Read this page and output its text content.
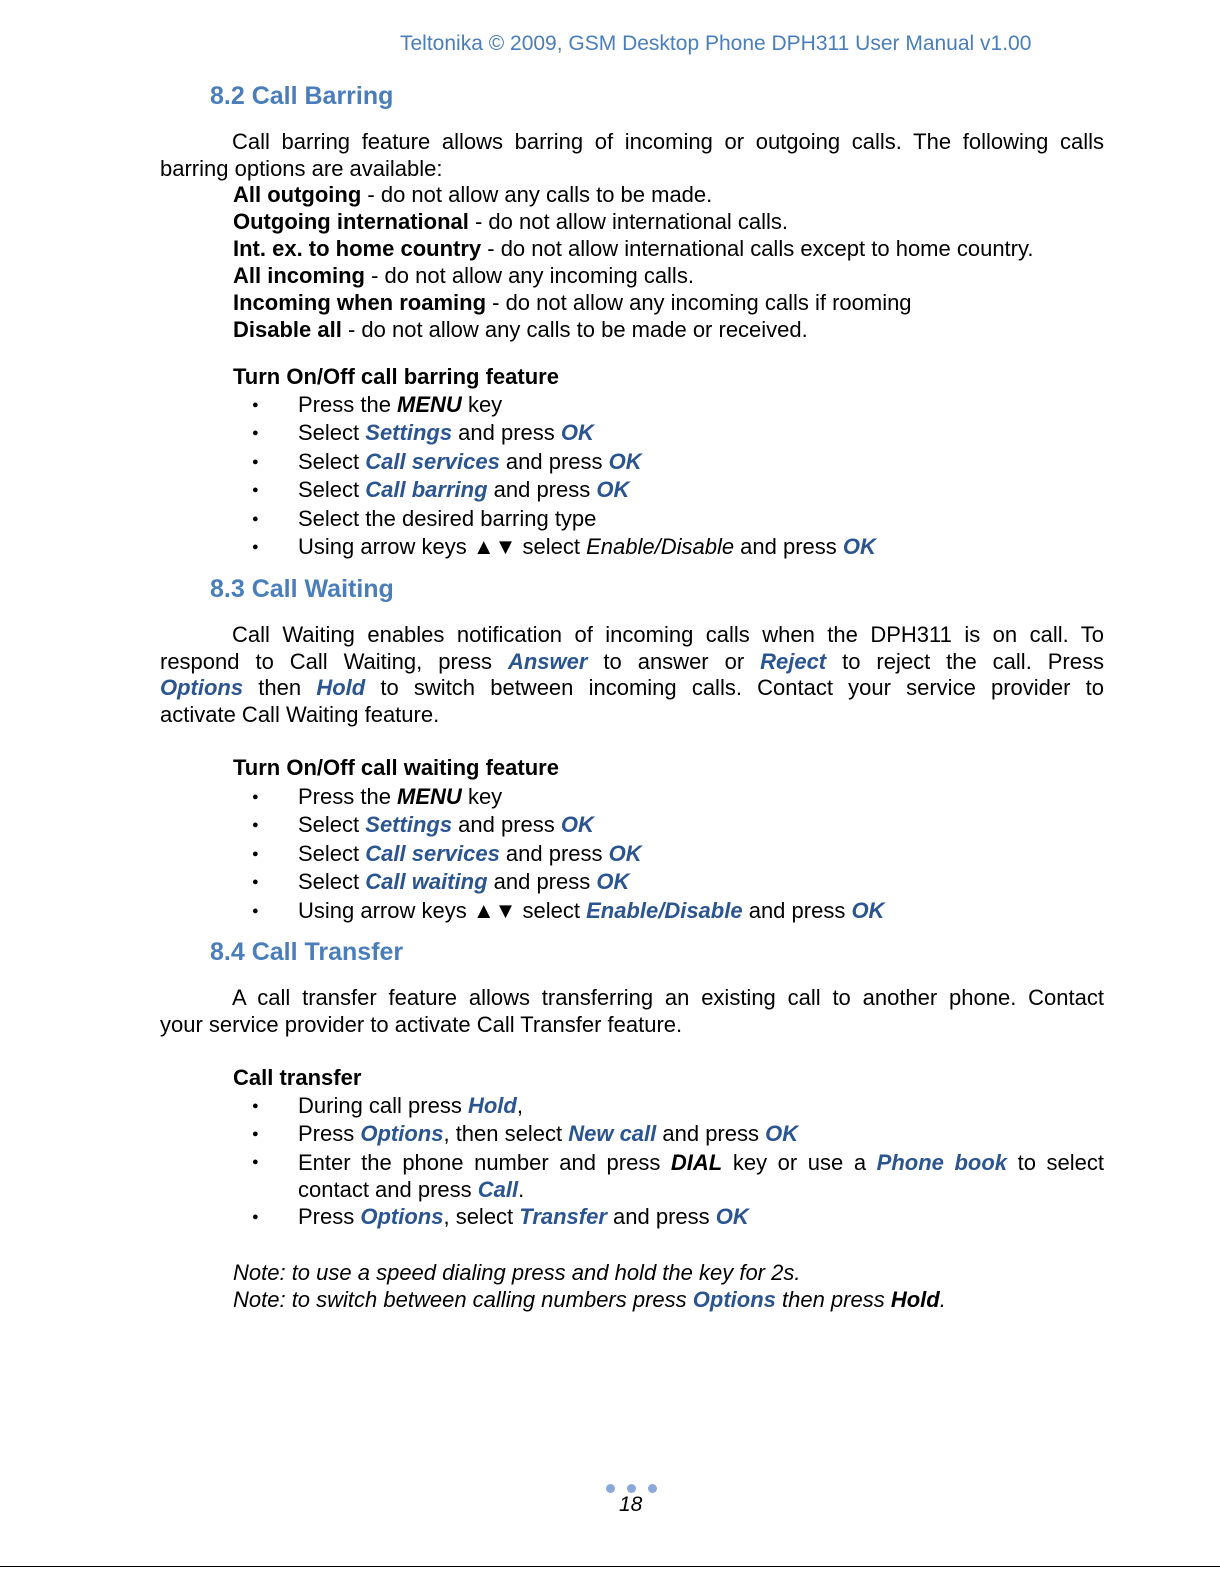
Teltonika © 2009, GSM Desktop Phone DPH311 User Manual v1.00
8.2 Call Barring

Call barring feature allows barring of incoming or outgoing calls. The following calls

barring options are available:

All outgoing - do not allow any calls to be made.
Outgoing international - do not allow international calls.
Int. ex. to home country - do not allow international calls except to home country.
All incoming - do not allow any incoming calls.
Incoming when roaming - do not allow any incoming calls if rooming
Disable all - do not allow any calls to be made or received.
Turn On/Off call barring feature
● Press the MENU key
● Select Settings and press OK
● Select Call services and press OK
● Select Call barring and press OK
● Select the desired barring type
● Using arrow keys ▲▼ select Enable/Disable and press OK
8.3 Call Waiting

Call Waiting enables notification of incoming calls when the DPH311 is on call. To

respond to Call Waiting, press Answer to answer or Reject to reject the call. Press

Options then Hold to switch between incoming calls. Contact your service provider to

activate Call Waiting feature.

Turn On/Off call waiting feature
● Press the MENU key
● Select Settings and press OK
● Select Call services and press OK
● Select Call waiting and press OK
● Using arrow keys ▲▼ select Enable/Disable and press OK
8.4 Call Transfer

A call transfer feature allows transferring an existing call to another phone. Contact

your service provider to activate Call Transfer feature.

Call transfer
● During call press Hold,
● Press Options, then select New call and press OK
● Enter the phone number and press DIAL key or use a Phone book to select contact and press Call.
● Press Options, select Transfer and press OK
Note: to use a speed dialing press and hold the key for 2s.
Note: to switch between calling numbers press Options then press Hold.
18
